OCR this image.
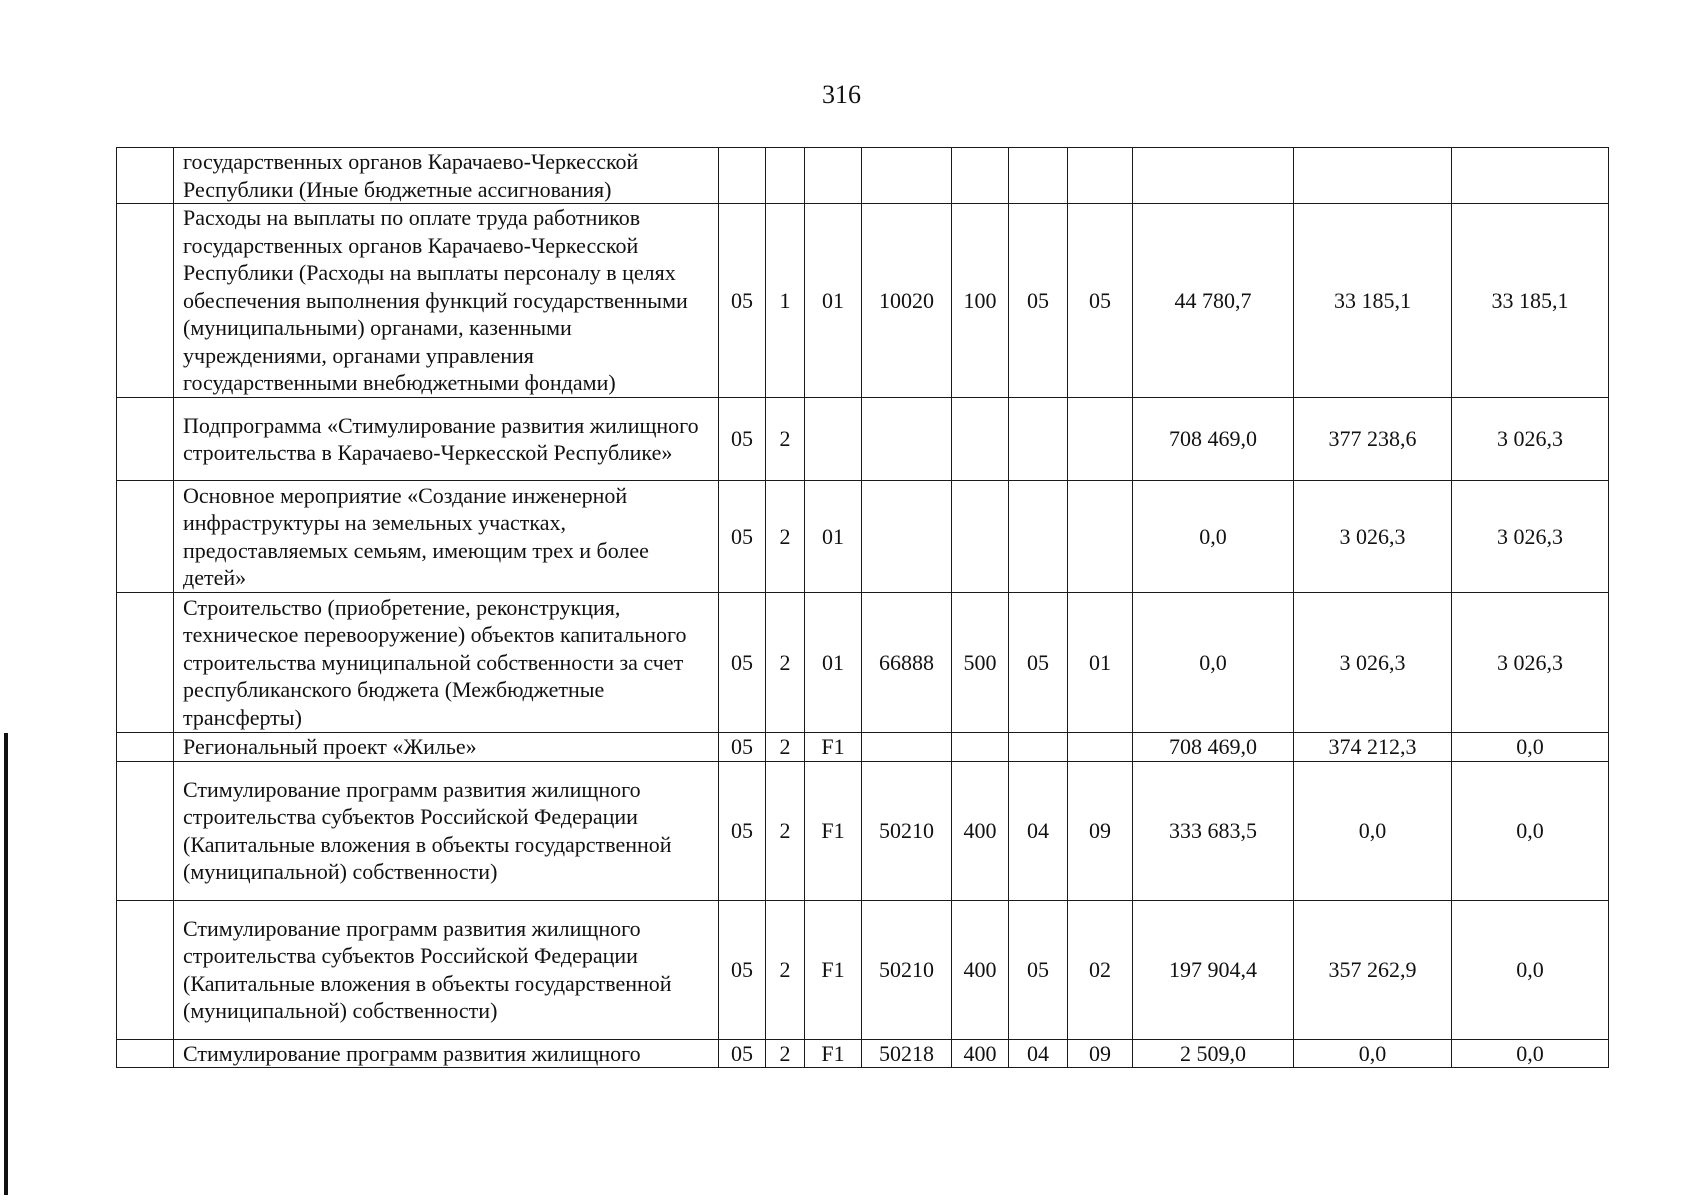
316
	государственных органов Карачаево-Черкесской Республики (Иные бюджетные ассигнования)										
	Расходы на выплаты по оплате труда работников государственных органов Карачаево-Черкесской Республики (Расходы на выплаты персоналу в целях обеспечения выполнения функций государственными (муниципальными) органами, казенными учреждениями, органами управления государственными внебюджетными фондами)	05	1	01	10020	100	05	05	44 780,7	33 185,1	33 185,1
	Подпрограмма «Стимулирование развития жилищного строительства в Карачаево-Черкесской Республике»	05	2						708 469,0	377 238,6	3 026,3
	Основное мероприятие «Создание инженерной инфраструктуры на земельных участках, предоставляемых семьям, имеющим трех и более детей»	05	2	01					0,0	3 026,3	3 026,3
	Строительство (приобретение, реконструкция, техническое перевооружение) объектов капитального строительства муниципальной собственности за счет республиканского бюджета (Межбюджетные трансферты)	05	2	01	66888	500	05	01	0,0	3 026,3	3 026,3
	Региональный проект «Жилье»	05	2	F1					708 469,0	374 212,3	0,0
	Стимулирование программ развития жилищного строительства субъектов Российской Федерации (Капитальные вложения в объекты государственной (муниципальной) собственности)	05	2	F1	50210	400	04	09	333 683,5	0,0	0,0
	Стимулирование программ развития жилищного строительства субъектов Российской Федерации (Капитальные вложения в объекты государственной (муниципальной) собственности)	05	2	F1	50210	400	05	02	197 904,4	357 262,9	0,0
	Стимулирование программ развития жилищного	05	2	F1	50218	400	04	09	2 509,0	0,0	0,0
